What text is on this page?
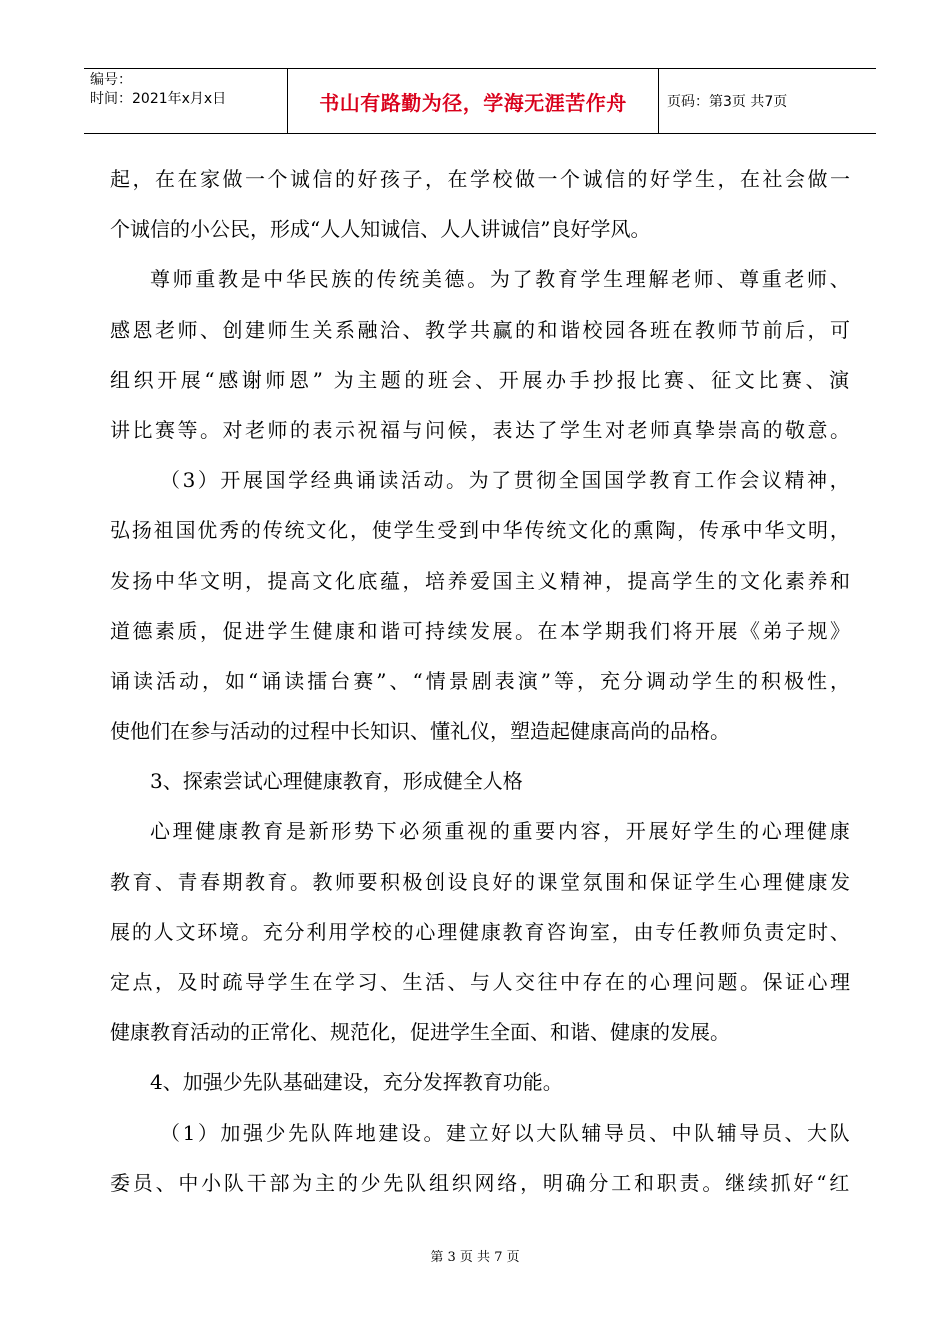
编号：
时间：2021年x月x日	书山有路勤为径，学海无涯苦作舟	页码：第3页 共7页
起 ， 在 在 家 做 一 个 诚 信 的 好 孩 子 ， 在 学 校 做 一 个 诚 信 的 好 学 生 ， 在 社 会 做 一
个诚信的小公民，形成“人人知诚信、人人讲诚信”良好学风。
尊 师 重 教 是 中 华 民 族 的 传 统 美 德 。 为 了 教 育 学 生 理 解 老 师 、 尊 重 老 师 、
感 恩 老 师 、 创 建 师 生 关 系 融 洽 、 教 学 共 赢 的 和 谐 校 园 各 班 在 教 师 节 前 后 ， 可
组 织 开 展 “ 感 谢 师 恩 ” 为 主 题 的 班 会 、 开 展 办 手 抄 报 比 赛 、 征 文 比 赛 、 演
讲 比 赛 等 。 对 老 师 的 表 示 祝 福 与 问 候 ， 表 达 了 学 生 对 老 师 真 挚 崇 高 的 敬 意 。
（ 3 ） 开 展 国 学 经 典 诵 读 活 动 。 为 了 贯 彻 全 国 国 学 教 育 工 作 会 议 精 神 ，
弘 扬 祖 国 优 秀 的 传 统 文 化 ， 使 学 生 受 到 中 华 传 统 文 化 的 熏 陶 ， 传 承 中 华 文 明 ，
发 扬 中 华 文 明 ， 提 高 文 化 底 蕴 ， 培 养 爱 国 主 义 精 神 ， 提 高 学 生 的 文 化 素 养 和
道 德 素 质 ， 促 进 学 生 健 康 和 谐 可 持 续 发 展 。 在 本 学 期 我 们 将 开 展 《 弟 子 规 》
诵 读 活 动 ， 如 “ 诵 读 擂 台 赛 ” 、 “ 情 景 剧 表 演 ” 等 ， 充 分 调 动 学 生 的 积 极 性 ，
使他们在参与活动的过程中长知识、懂礼仪，塑造起健康高尚的品格。
3、探索尝试心理健康教育，形成健全人格
心 理 健 康 教 育 是 新 形 势 下 必 须 重 视 的 重 要 内 容 ， 开 展 好 学 生 的 心 理 健 康
教 育 、 青 春 期 教 育 。 教 师 要 积 极 创 设 良 好 的 课 堂 氛 围 和 保 证 学 生 心 理 健 康 发
展 的 人 文 环 境 。 充 分 利 用 学 校 的 心 理 健 康 教 育 咨 询 室 ， 由 专 任 教 师 负 责 定 时 、
定 点 ， 及 时 疏 导 学 生 在 学 习 、 生 活 、 与 人 交 往 中 存 在 的 心 理 问 题 。 保 证 心 理
健康教育活动的正常化、规范化，促进学生全面、和谐、健康的发展。
4、加强少先队基础建设，充分发挥教育功能。
（ 1 ） 加 强 少 先 队 阵 地 建 设 。 建 立 好 以 大 队 辅 导 员 、 中 队 辅 导 员 、 大 队
委 员 、 中 小 队 干 部 为 主 的 少 先 队 组 织 网 络 ， 明 确 分 工 和 职 责 。 继 续 抓 好 “ 红
第 3 页 共 7 页
